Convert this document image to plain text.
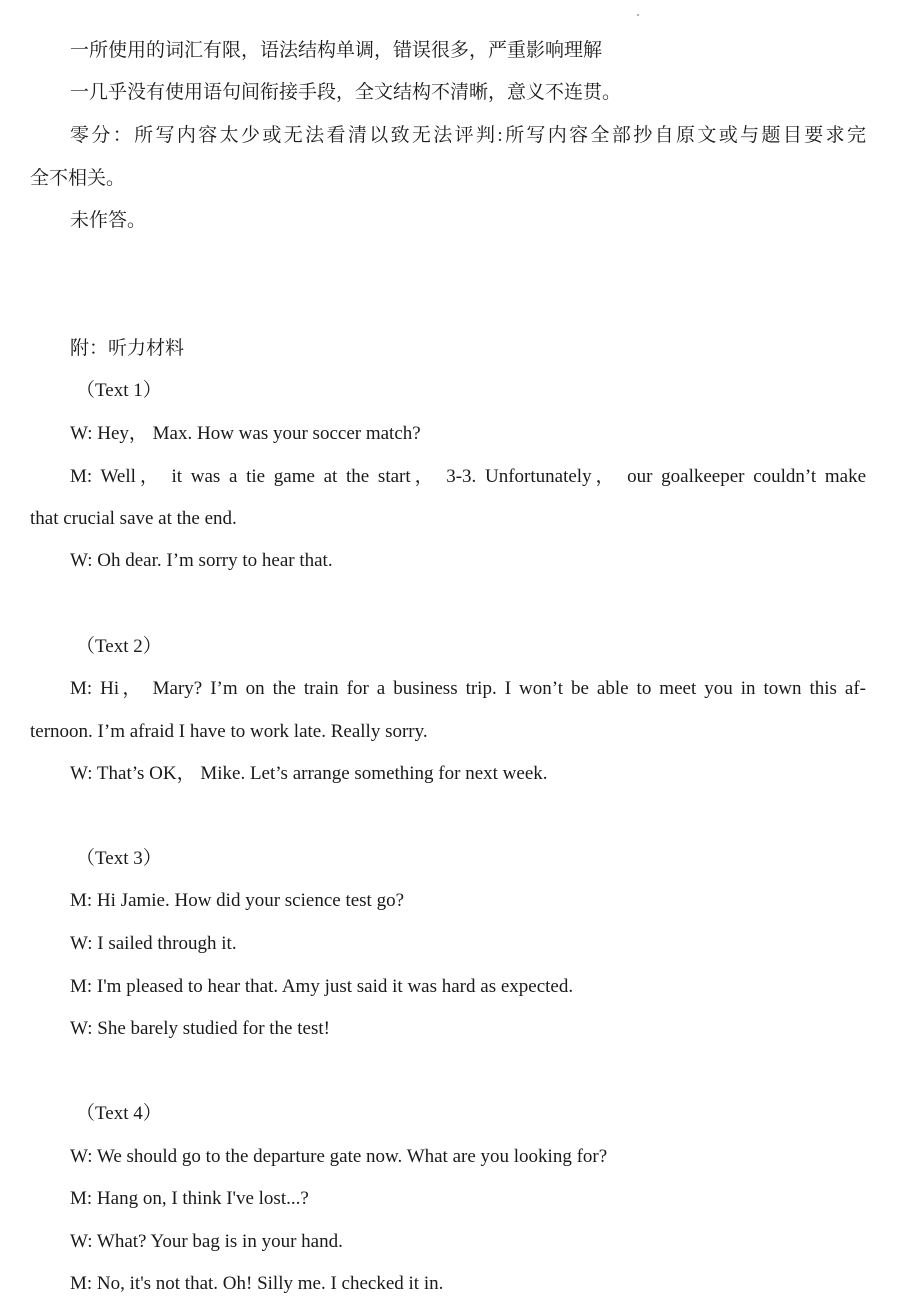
一所使用的词汇有限，语法结构单调，错误很多，严重影响理解
一几乎没有使用语句间衔接手段，全文结构不清晰，意义不连贯。
零分：所写内容太少或无法看清以致无法评判:所写内容全部抄自原文或与题目要求完
全不相关。
未作答。
附：听力材料
（Text 1）
W: Hey， Max. How was your soccer match?
M: Well， it was a tie game at the start， 3-3. Unfortunately， our goalkeeper couldn’t make
that crucial save at the end.
W: Oh dear. I’m sorry to hear that.
（Text 2）
M: Hi， Mary? I’m on the train for a business trip. I won’t be able to meet you in town this af-
ternoon. I’m afraid I have to work late. Really sorry.
W: That’s OK， Mike. Let’s arrange something for next week.
（Text 3）
M: Hi Jamie. How did your science test go?
W: I sailed through it.
M: I'm pleased to hear that. Amy just said it was hard as expected.
W: She barely studied for the test!
（Text 4）
W: We should go to the departure gate now. What are you looking for?
M: Hang on, I think I've lost...?
W: What? Your bag is in your hand.
M: No, it's not that. Oh! Silly me. I checked it in.
